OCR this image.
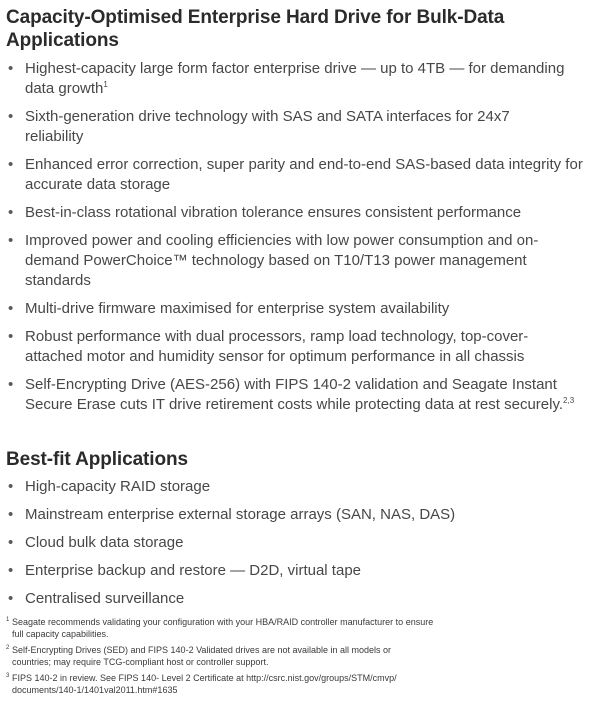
Capacity-Optimised Enterprise Hard Drive for Bulk-Data Applications
• Highest-capacity large form factor enterprise drive — up to 4TB — for demanding data growth$^1$
• Sixth-generation drive technology with SAS and SATA interfaces for 24x7 reliability
• Enhanced error correction, super parity and end-to-end SAS-based data integrity for accurate data storage
• Best-in-class rotational vibration tolerance ensures consistent performance
• Improved power and cooling efficiencies with low power consumption and on-demand PowerChoice™ technology based on T10/T13 power management standards
• Multi-drive firmware maximised for enterprise system availability
• Robust performance with dual processors, ramp load technology, top-cover-attached motor and humidity sensor for optimum performance in all chassis
• Self-Encrypting Drive (AES-256) with FIPS 140-2 validation and Seagate Instant Secure Erase cuts IT drive retirement costs while protecting data at rest securely.$^{2,3}$
Best-fit Applications
• High-capacity RAID storage
• Mainstream enterprise external storage arrays (SAN, NAS, DAS)
• Cloud bulk data storage
• Enterprise backup and restore — D2D, virtual tape
• Centralised surveillance
1 Seagate recommends validating your configuration with your HBA/RAID controller manufacturer to ensure full capacity capabilities.
2 Self-Encrypting Drives (SED) and FIPS 140-2 Validated drives are not available in all models or countries; may require TCG-compliant host or controller support.
3 FIPS 140-2 in review. See FIPS 140- Level 2 Certificate at http://csrc.nist.gov/groups/STM/cmvp/ documents/140-1/1401val2011.htm#1635
